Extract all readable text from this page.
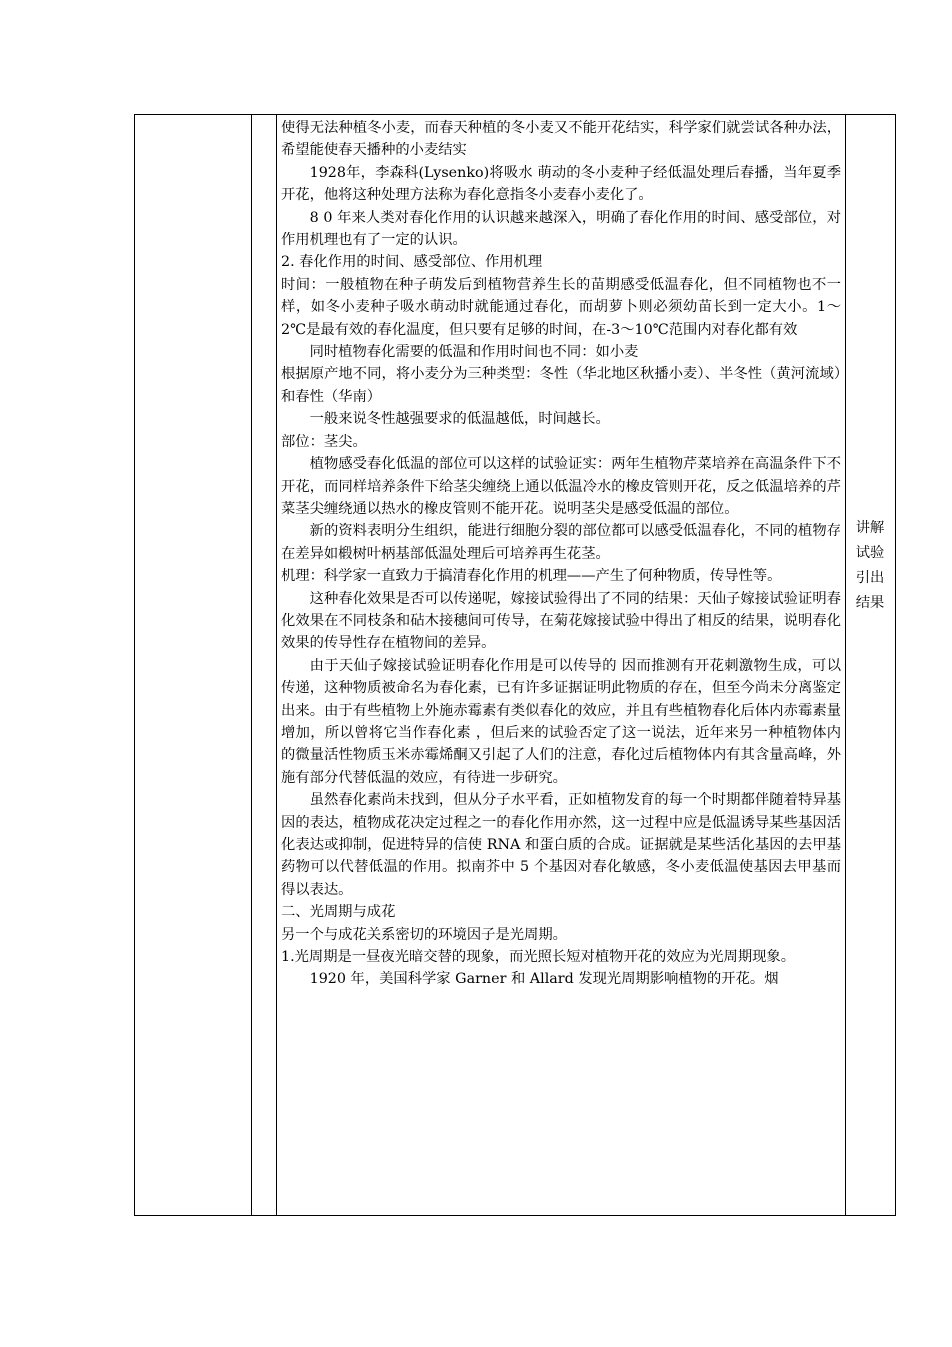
使得无法种植冬小麦，而春天种植的冬小麦又不能开花结实，科学家们就尝试各种办法，希望能使春天播种的小麦结实

1928年，李森科(Lysenko)将吸水 萌动的冬小麦种子经低温处理后春播，当年夏季开花，他将这种处理方法称为春化意指冬小麦春小麦化了。

8 0 年来人类对春化作用的认识越来越深入，明确了春化作用的时间、感受部位，对作用机理也有了一定的认识。

2. 春化作用的时间、感受部位、作用机理

时间：一般植物在种子萌发后到植物营养生长的苗期感受低温春化，但不同植物也不一样，如冬小麦种子吸水萌动时就能通过春化，而胡萝卜则必须幼苗长到一定大小。1～2℃是最有效的春化温度，但只要有足够的时间，在-3～10℃范围内对春化都有效

同时植物春化需要的低温和作用时间也不同：如小麦

根据原产地不同，将小麦分为三种类型：冬性（华北地区秋播小麦）、半冬性（黄河流域）和春性（华南）

一般来说冬性越强要求的低温越低，时间越长。

部位：茎尖。

植物感受春化低温的部位可以这样的试验证实：两年生植物芹菜培养在高温条件下不开花，而同样培养条件下给茎尖缠绕上通以低温冷水的橡皮管则开花，反之低温培养的芹菜茎尖缠绕通以热水的橡皮管则不能开花。说明茎尖是感受低温的部位。

新的资料表明分生组织，能进行细胞分裂的部位都可以感受低温春化，不同的植物存在差异如椴树叶柄基部低温处理后可培养再生花茎。

机理：科学家一直致力于搞清春化作用的机理——产生了何种物质，传导性等。

这种春化效果是否可以传递呢，嫁接试验得出了不同的结果：天仙子嫁接试验证明春化效果在不同枝条和砧木接穗间可传导，在菊花嫁接试验中得出了相反的结果，说明春化效果的传导性存在植物间的差异。

由于天仙子嫁接试验证明春化作用是可以传导的 因而推测有开花刺激物生成，可以传递，这种物质被命名为春化素，已有许多证据证明此物质的存在，但至今尚未分离鉴定出来。由于有些植物上外施赤霉素有类似春化的效应，并且有些植物春化后体内赤霉素量增加，所以曾将它当作春化素 ，但后来的试验否定了这一说法，近年来另一种植物体内的微量活性物质玉米赤霉烯酮又引起了人们的注意，春化过后植物体内有其含量高峰，外施有部分代替低温的效应，有待进一步研究。

虽然春化素尚未找到，但从分子水平看，正如植物发育的每一个时期都伴随着特异基因的表达，植物成花决定过程之一的春化作用亦然，这一过程中应是低温诱导某些基因活化表达或抑制，促进特异的信使 RNA 和蛋白质的合成。证据就是某些活化基因的去甲基药物可以代替低温的作用。拟南芥中 5 个基因对春化敏感，冬小麦低温使基因去甲基而得以表达。

二、光周期与成花

另一个与成花关系密切的环境因子是光周期。

1.光周期是一昼夜光暗交替的现象，而光照长短对植物开花的效应为光周期现象。

1920 年，美国科学家 Garner 和 Allard 发现光周期影响植物的开花。烟

讲解
试验
引出
结果
